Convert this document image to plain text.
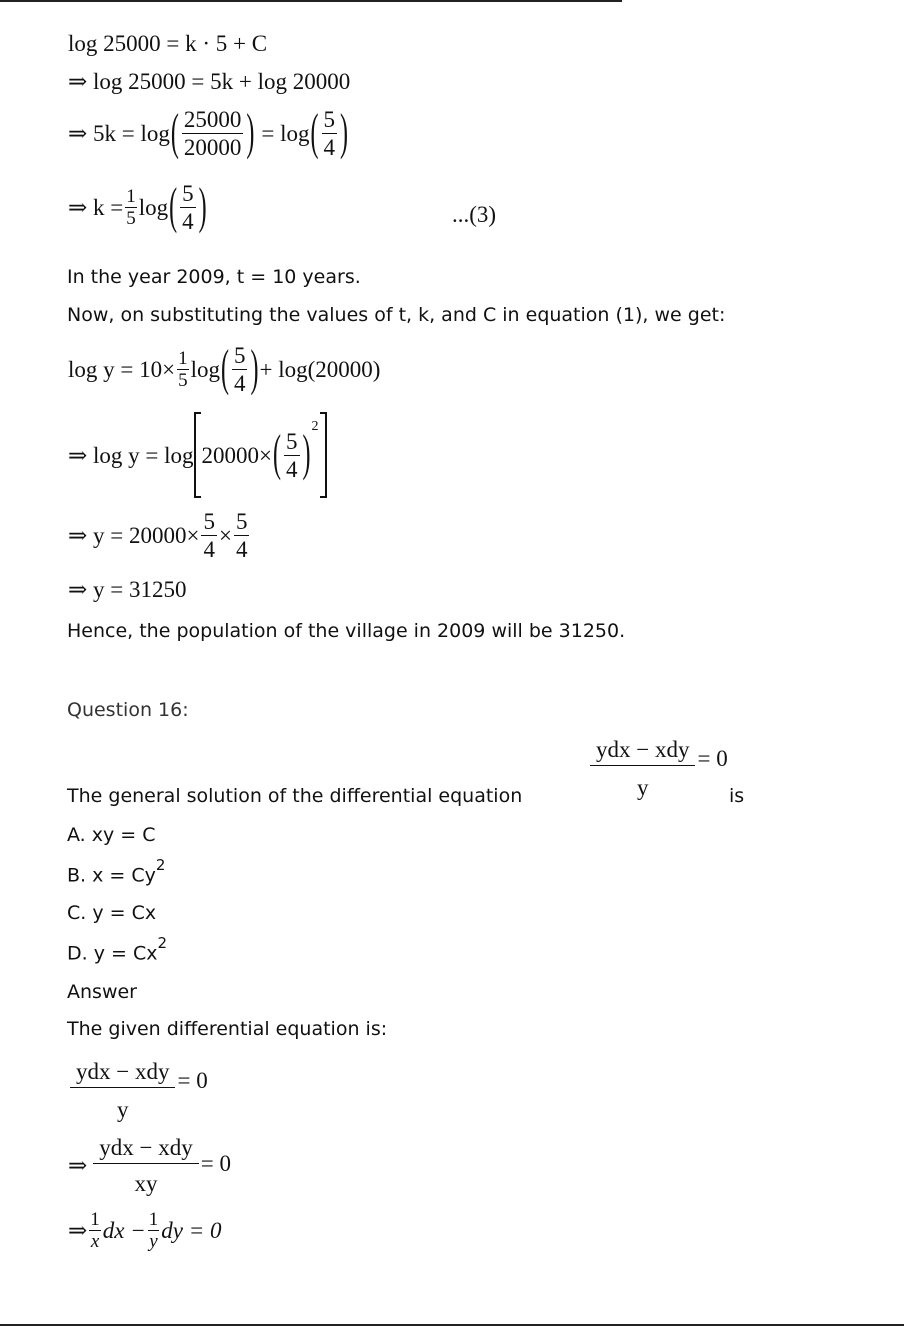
log 25000 = k · 5 + C
⇒ log 25000 = 5k + log 20000
⇒ 5k = log ( $\frac{25000}{20000}$ ) = log ( $\frac{5}{4}$ )
⇒ $k = \frac{1}{5}$ log ( $\frac{5}{4}$ )	...(3)
In the year 2009, t = 10 years.
Now, on substituting the values of t, k, and C in equation (1), we get:
$\log y = 10\times \frac{1}{5}$ log ( $\frac{5}{4}$ ) + log(20000)
⇒ log y = log 20000× ( $\frac{5}{4}$ )
$^2$
⇒ $y = 20000\times \frac{5}{4} \times \frac{5}{4}$
⇒ y = 31250
Hence, the population of the village in 2009 will be 31250.
Question 16:
$\frac{\text{ydx − xdy}}{y} = 0$
The general solution of the differential equation	is
A. xy = C
B. $x = Cy^2$
C. y = Cx
D. $y = Cx^2$
Answer
The given differential equation is:
$\frac{\text{ydx − xdy}}{y} = 0$
⇒ $\frac{\text{ydx − xdy}}{xy} = 0$
⇒ $\frac{1}{x}$ dx − $\frac{1}{y}$ dy = 0
